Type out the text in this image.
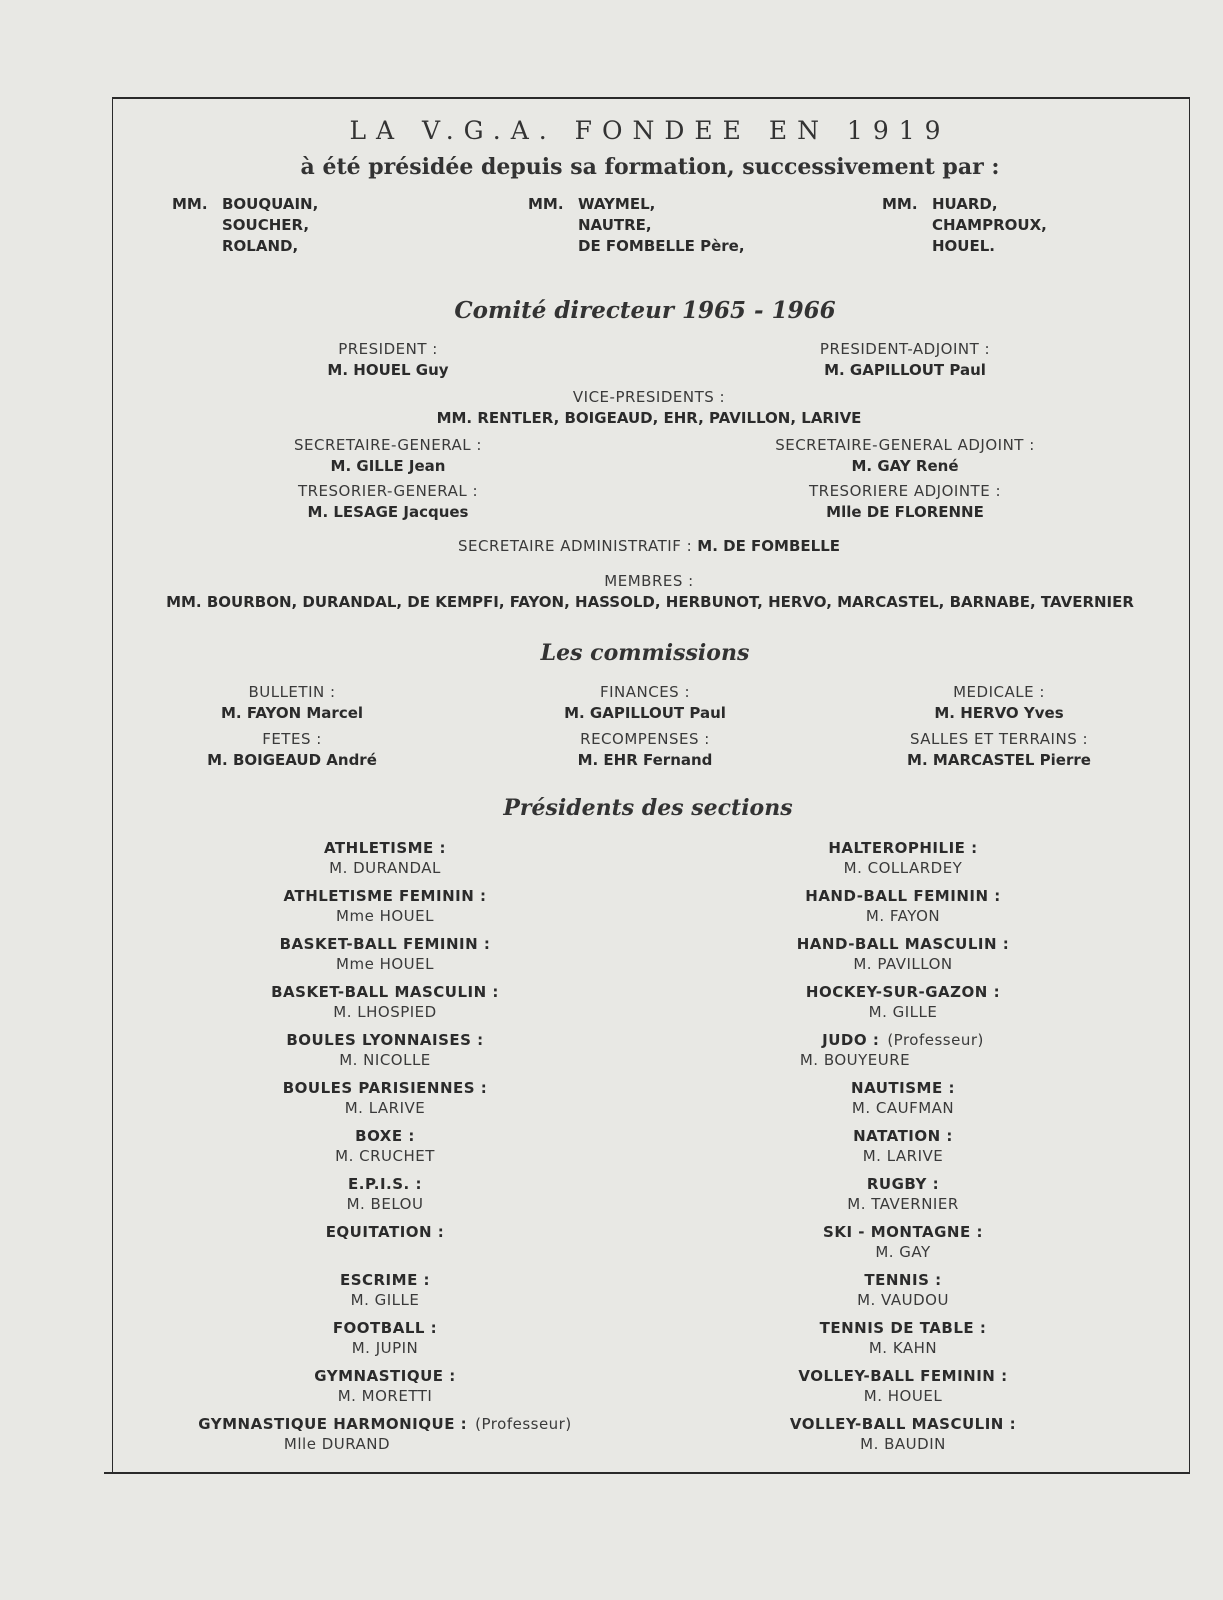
LA V.G.A. FONDEE EN 1919
à été présidée depuis sa formation, successivement par :
MM. BOUQUAIN,
SOUCHER,
ROLAND,
MM. WAYMEL,
NAUTRE,
DE FOMBELLE Père,
MM. HUARD,
CHAMPROUX,
HOUEL.
Comité directeur 1965 - 1966
PRESIDENT :
M. HOUEL Guy
PRESIDENT-ADJOINT :
M. GAPILLOUT Paul
VICE-PRESIDENTS :
MM. RENTLER, BOIGEAUD, EHR, PAVILLON, LARIVE
SECRETAIRE-GENERAL :
M. GILLE Jean
SECRETAIRE-GENERAL ADJOINT :
M. GAY René
TRESORIER-GENERAL :
M. LESAGE Jacques
TRESORIERE ADJOINTE :
Mlle DE FLORENNE
SECRETAIRE ADMINISTRATIF : M. DE FOMBELLE
MEMBRES :
MM. BOURBON, DURANDAL, DE KEMPFI, FAYON, HASSOLD, HERBUNOT, HERVO, MARCASTEL, BARNABE, TAVERNIER
Les commissions
BULLETIN :
M. FAYON Marcel
FINANCES :
M. GAPILLOUT Paul
MEDICALE :
M. HERVO Yves
FETES :
M. BOIGEAUD André
RECOMPENSES :
M. EHR Fernand
SALLES ET TERRAINS :
M. MARCASTEL Pierre
Présidents des sections
ATHLETISME :
M. DURANDAL
ATHLETISME FEMININ :
Mme HOUEL
BASKET-BALL FEMININ :
Mme HOUEL
BASKET-BALL MASCULIN :
M. LHOSPIED
BOULES LYONNAISES :
M. NICOLLE
BOULES PARISIENNES :
M. LARIVE
BOXE :
M. CRUCHET
E.P.I.S. :
M. BELOU
EQUITATION :
ESCRIME :
M. GILLE
FOOTBALL :
M. JUPIN
GYMNASTIQUE :
M. MORETTI
GYMNASTIQUE HARMONIQUE : (Professeur)
Mlle DURAND
HALTEROPHILIE :
M. COLLARDEY
HAND-BALL FEMININ :
M. FAYON
HAND-BALL MASCULIN :
M. PAVILLON
HOCKEY-SUR-GAZON :
M. GILLE
JUDO : (Professeur)
M. BOUYEURE
NAUTISME :
M. CAUFMAN
NATATION :
M. LARIVE
RUGBY :
M. TAVERNIER
SKI - MONTAGNE :
M. GAY
TENNIS :
M. VAUDOU
TENNIS DE TABLE :
M. KAHN
VOLLEY-BALL FEMININ :
M. HOUEL
VOLLEY-BALL MASCULIN :
M. BAUDIN
